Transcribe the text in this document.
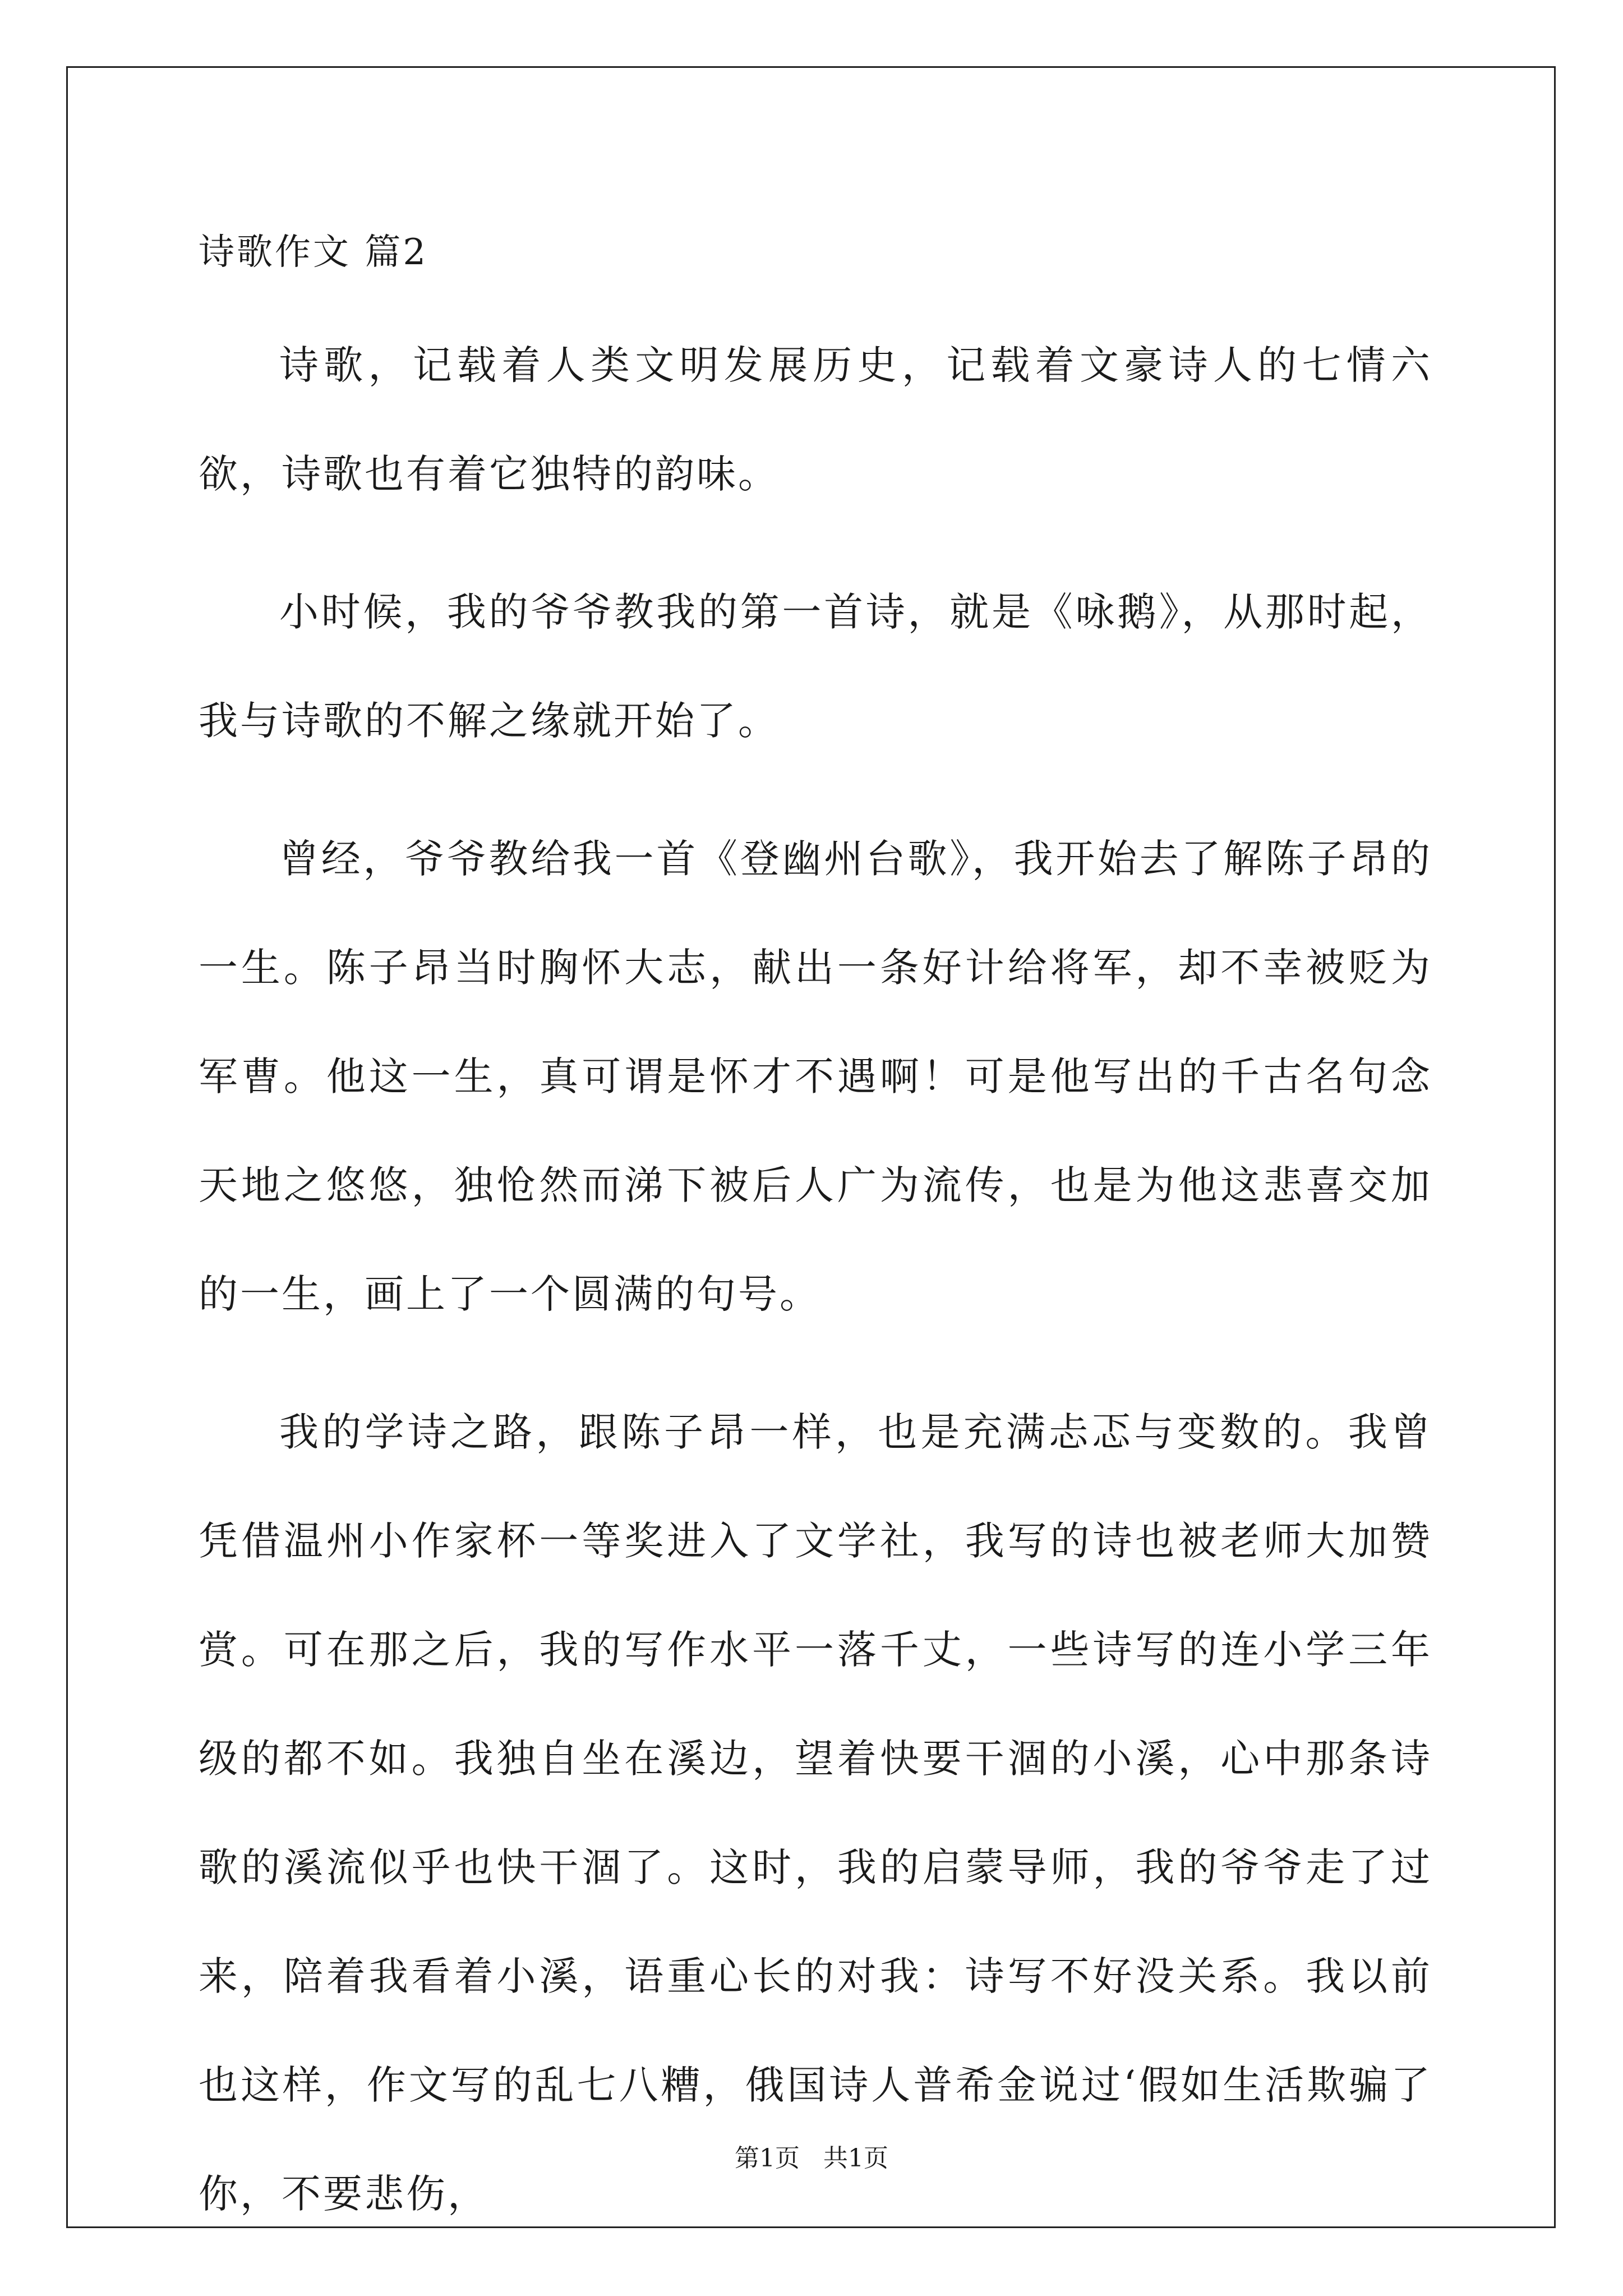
诗歌作文 篇2

诗歌，记载着人类文明发展历史，记载着文豪诗人的七情六欲，诗歌也有着它独特的韵味。

小时候，我的爷爷教我的第一首诗，就是《咏鹅》，从那时起，我与诗歌的不解之缘就开始了。

曾经，爷爷教给我一首《登幽州台歌》，我开始去了解陈子昂的一生。陈子昂当时胸怀大志，献出一条好计给将军，却不幸被贬为军曹。他这一生，真可谓是怀才不遇啊！可是他写出的千古名句念天地之悠悠，独怆然而涕下被后人广为流传，也是为他这悲喜交加的一生，画上了一个圆满的句号。

我的学诗之路，跟陈子昂一样，也是充满忐忑与变数的。我曾凭借温州小作家杯一等奖进入了文学社，我写的诗也被老师大加赞赏。可在那之后，我的写作水平一落千丈，一些诗写的连小学三年级的都不如。我独自坐在溪边，望着快要干涸的小溪，心中那条诗歌的溪流似乎也快干涸了。这时，我的启蒙导师，我的爷爷走了过来，陪着我看着小溪，语重心长的对我：诗写不好没关系。我以前也这样，作文写的乱七八糟，俄国诗人普希金说过‘假如生活欺骗了你，不要悲伤，

第1页   共1页
